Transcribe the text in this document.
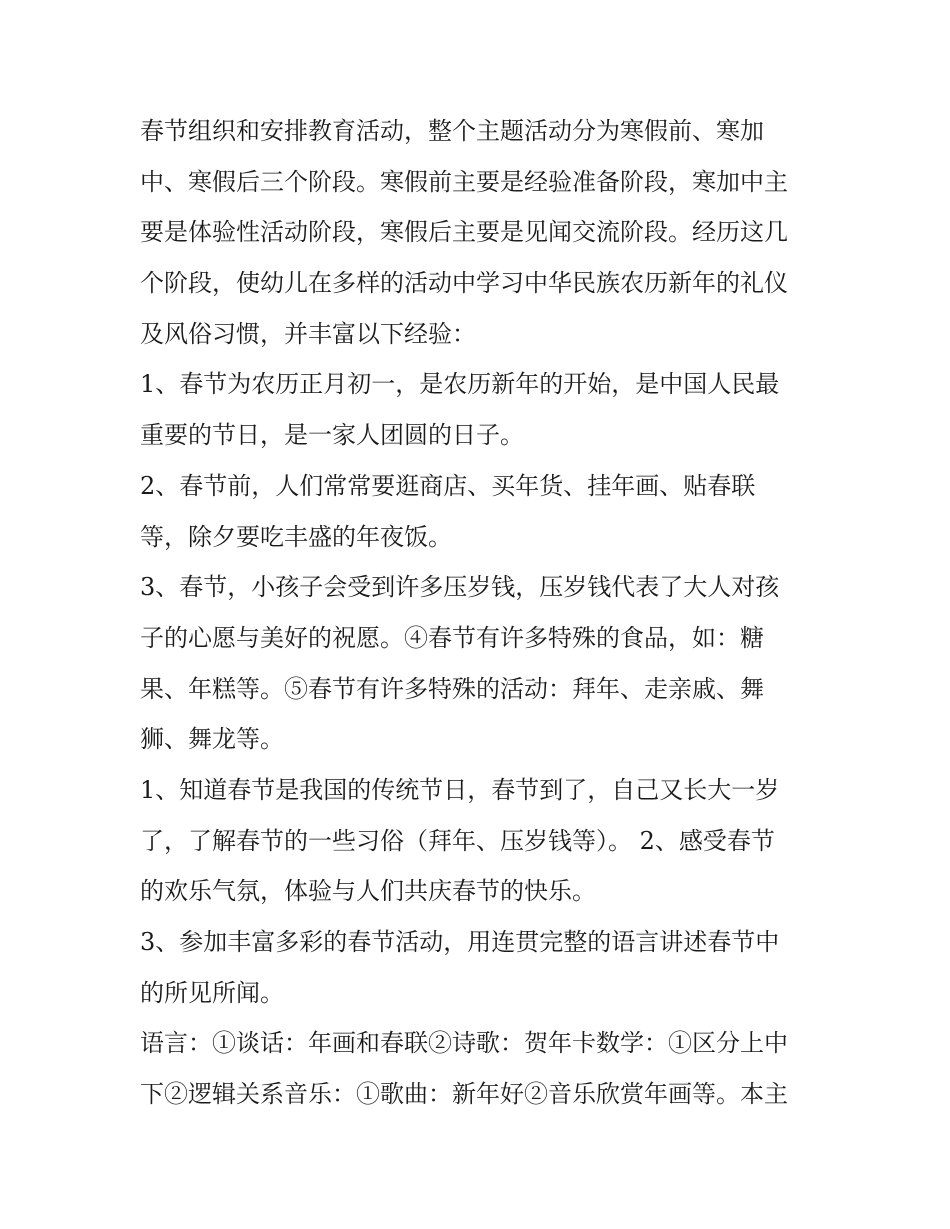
春节组织和安排教育活动，整个主题活动分为寒假前、寒加
中、寒假后三个阶段。寒假前主要是经验准备阶段，寒加中主
要是体验性活动阶段，寒假后主要是见闻交流阶段。经历这几
个阶段，使幼儿在多样的活动中学习中华民族农历新年的礼仪
及风俗习惯，并丰富以下经验：
1、春节为农历正月初一，是农历新年的开始，是中国人民最
重要的节日，是一家人团圆的日子。
2、春节前，人们常常要逛商店、买年货、挂年画、贴春联
等，除夕要吃丰盛的年夜饭。
3、春节，小孩子会受到许多压岁钱，压岁钱代表了大人对孩
子的心愿与美好的祝愿。④春节有许多特殊的食品，如：糖
果、年糕等。⑤春节有许多特殊的活动：拜年、走亲戚、舞
狮、舞龙等。
1、知道春节是我国的传统节日，春节到了，自己又长大一岁
了，了解春节的一些习俗（拜年、压岁钱等）。 2、感受春节
的欢乐气氛，体验与人们共庆春节的快乐。
3、参加丰富多彩的春节活动，用连贯完整的语言讲述春节中
的所见所闻。
语言：①谈话：年画和春联②诗歌：贺年卡数学：①区分上中
下②逻辑关系音乐：①歌曲：新年好②音乐欣赏年画等。本主
